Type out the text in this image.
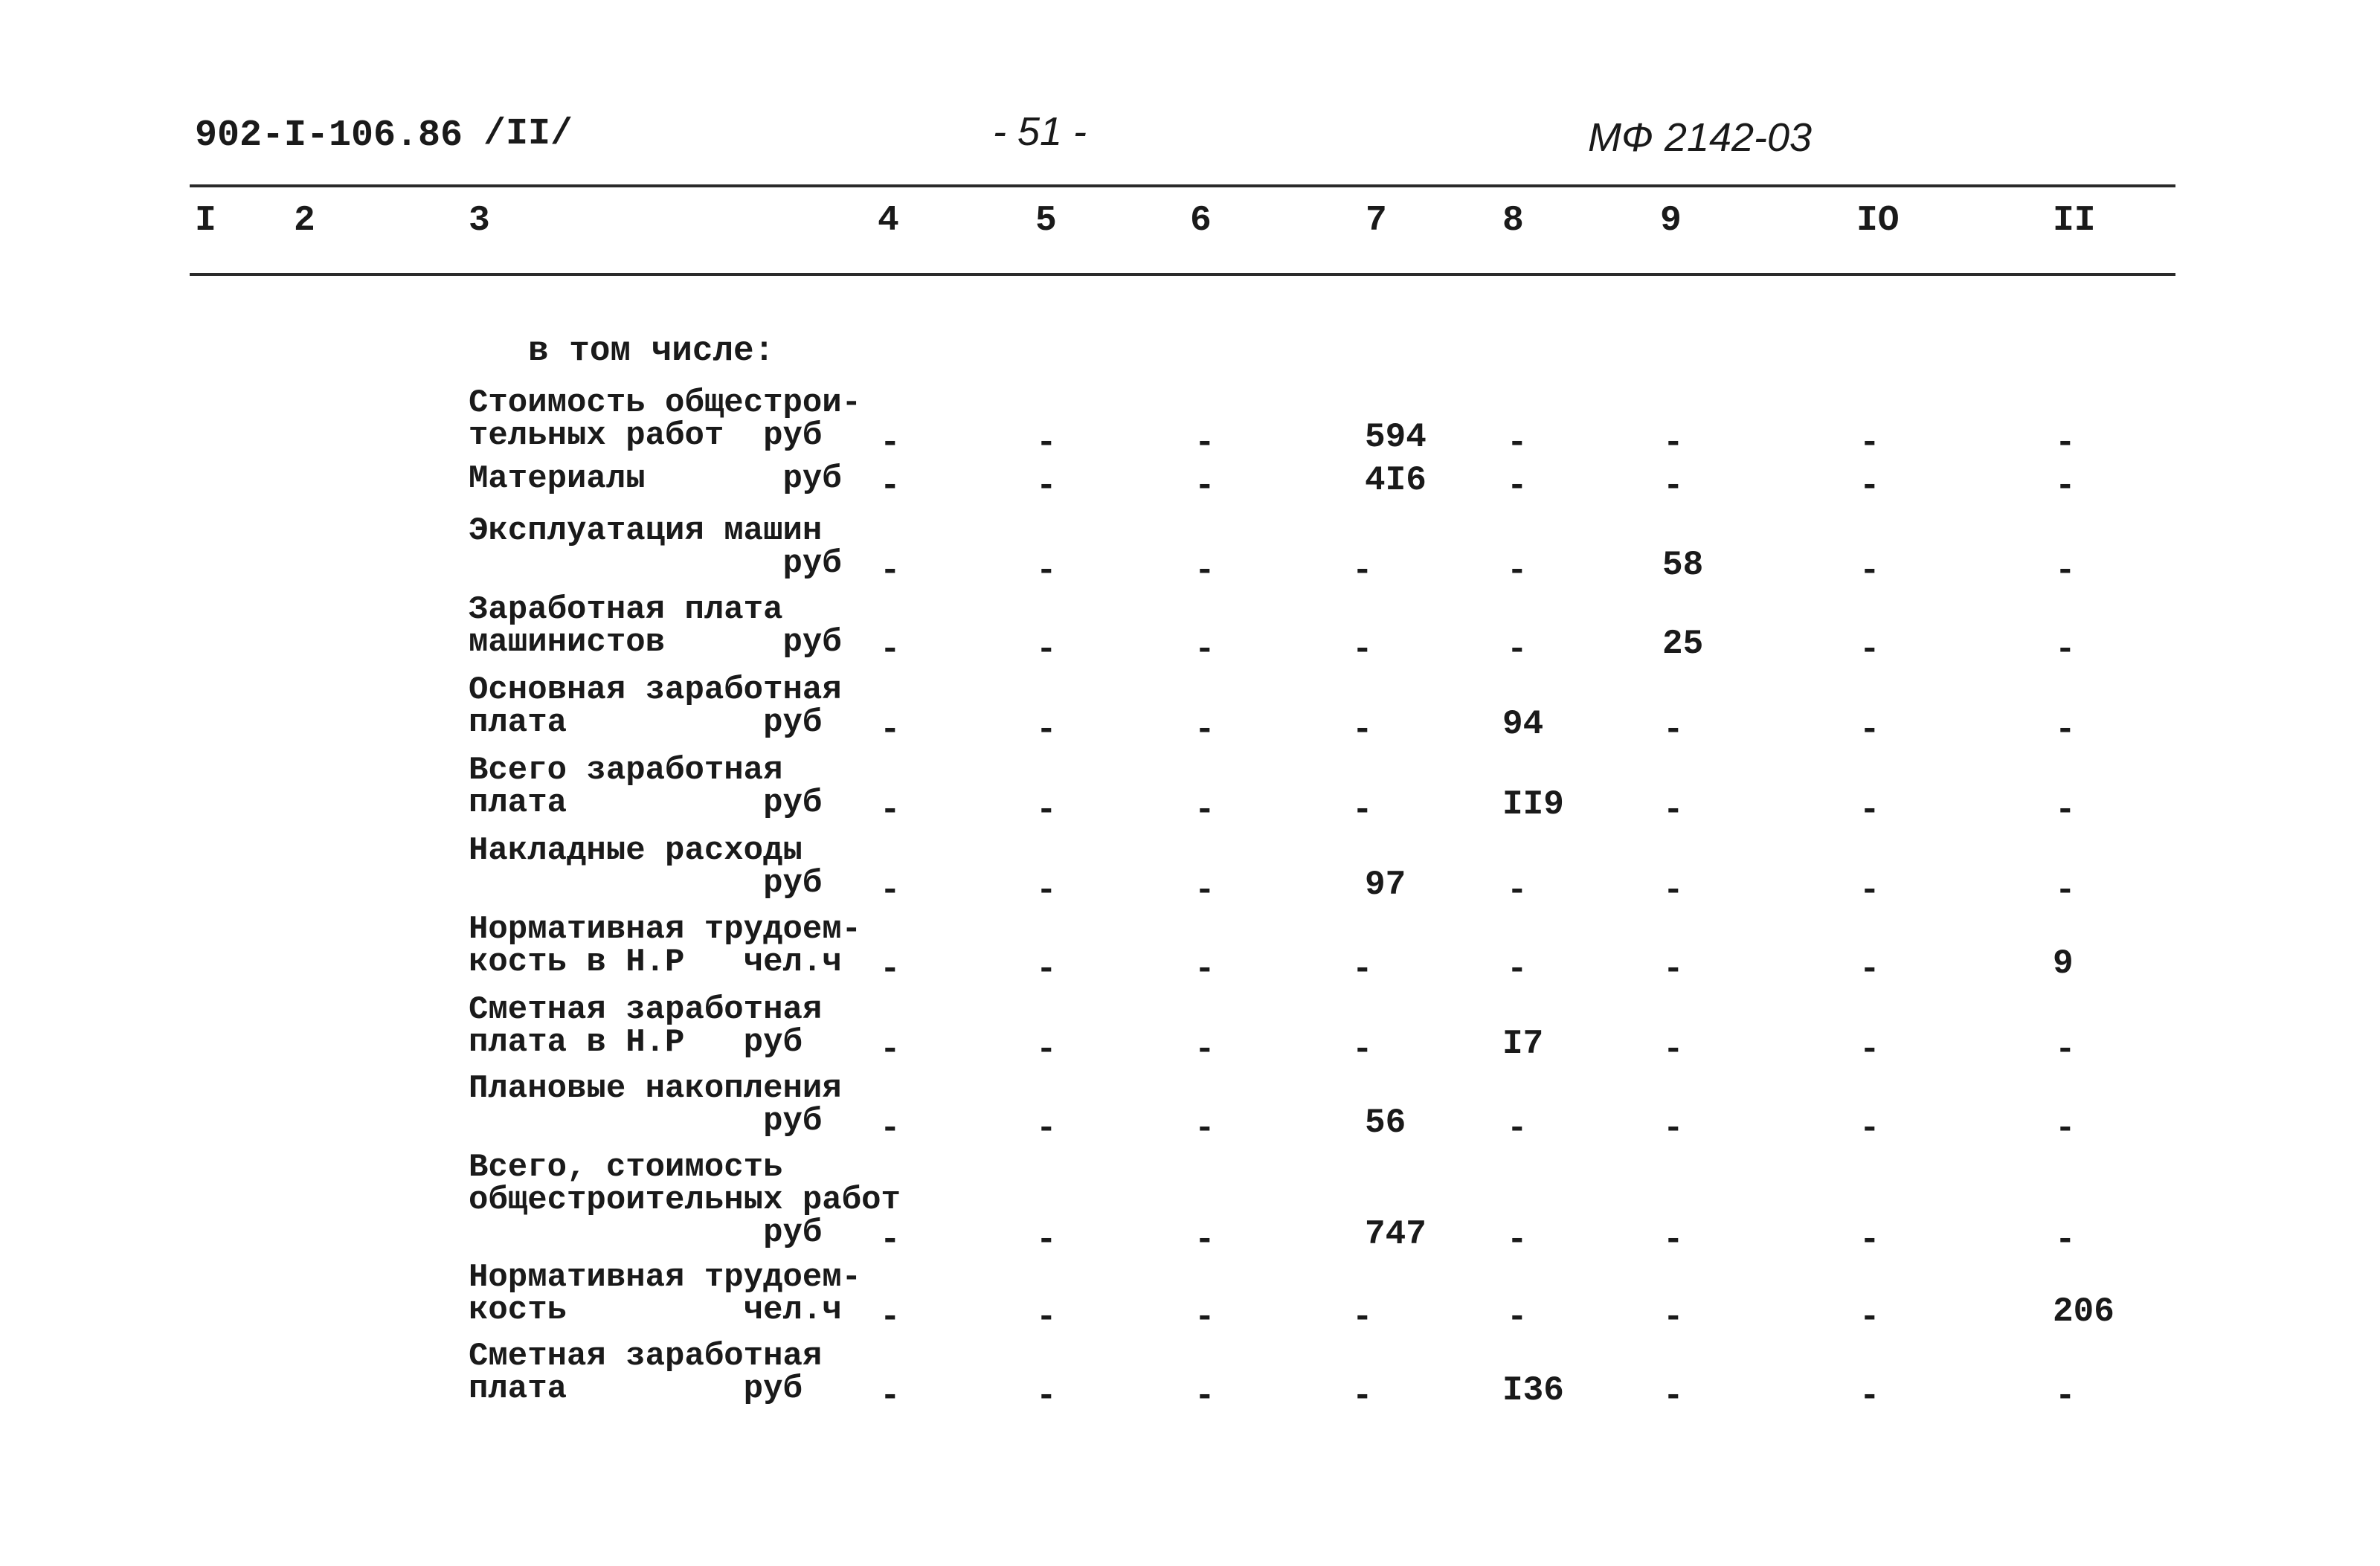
902-I-106.86 /II/	- 51 -	МФ 2142-03
I 2	3	4	5	6	7	8	9	IO	II
в том числе:
Стоимость общестрои-
тельных работ  руб	-	-	-	594 -	-	-	-
Материалы       руб -	-	-	4I6 -	-	-	-
Эксплуатация машин
руб -	-	-	-	-	58	-	-
Заработная плата
машинистов      руб -	-	-	-	-	25	-	-
Основная заработная
плата          руб	-	-	-	-	94	-	-	-
Всего заработная
плата          руб -	-	-	-	II9	-	-	-
Накладные расходы
руб -	-	-	97	-	-	-	-
Нормативная трудоем-
кость в Н.Р   чел.ч	-	-	-	-	-	-	-	9
Сметная заработная
плата в Н.Р   руб	-	-	-	-	I7	-	-	-
Плановые накопления
руб	-	-	-	56	-	-	-	-
Всего, стоимость
общестроительных работ
руб	-	-	-	747 -	-	-	-
Нормативная трудоем-
кость         чел.ч	-	-	-	-	-	-	-	206
Сметная заработная
плата         руб	-	-	-	-	I36	-	-	-
